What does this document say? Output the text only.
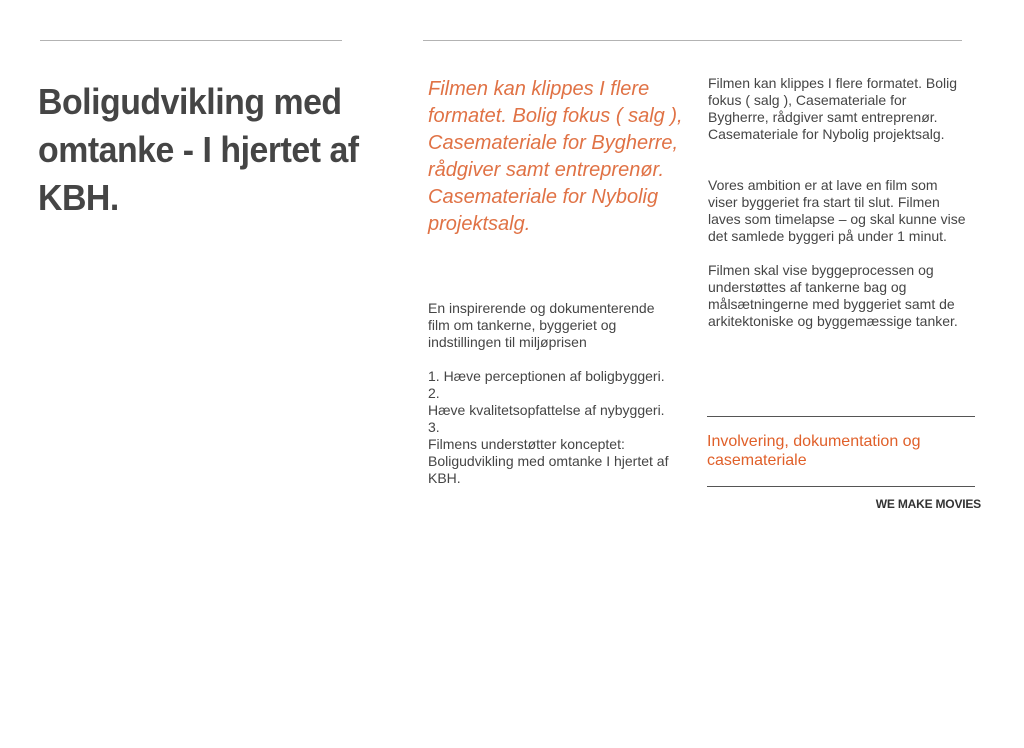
Boligudvikling med omtanke - I hjertet af KBH.

Filmen kan klippes I flere formatet. Bolig fokus ( salg ), Casemateriale for Bygherre, rådgiver samt entreprenør. Casemateriale for Nybolig projektsalg.

En inspirerende og dokumenterende film om tankerne, byggeriet og indstillingen til miljøprisen

1. Hæve perceptionen af boligbyggeri.
2.
Hæve kvalitetsopfattelse af nybyggeri.
3.
Filmens understøtter konceptet: Boligudvikling med omtanke I hjertet af KBH.

Filmen kan klippes I flere formatet. Bolig fokus ( salg ), Casemateriale for Bygherre, rådgiver samt entreprenør. Casemateriale for Nybolig projektsalg.

Vores ambition er at lave en film som viser byggeriet fra start til slut. Filmen laves som timelapse – og skal kunne vise det samlede byggeri på under 1 minut.

Filmen skal vise byggeprocessen og understøttes af tankerne bag og målsætningerne med byggeriet samt de arkitektoniske og byggemæssige tanker.

Involvering, dokumentation og casemateriale

WE MAKE MOVIES
